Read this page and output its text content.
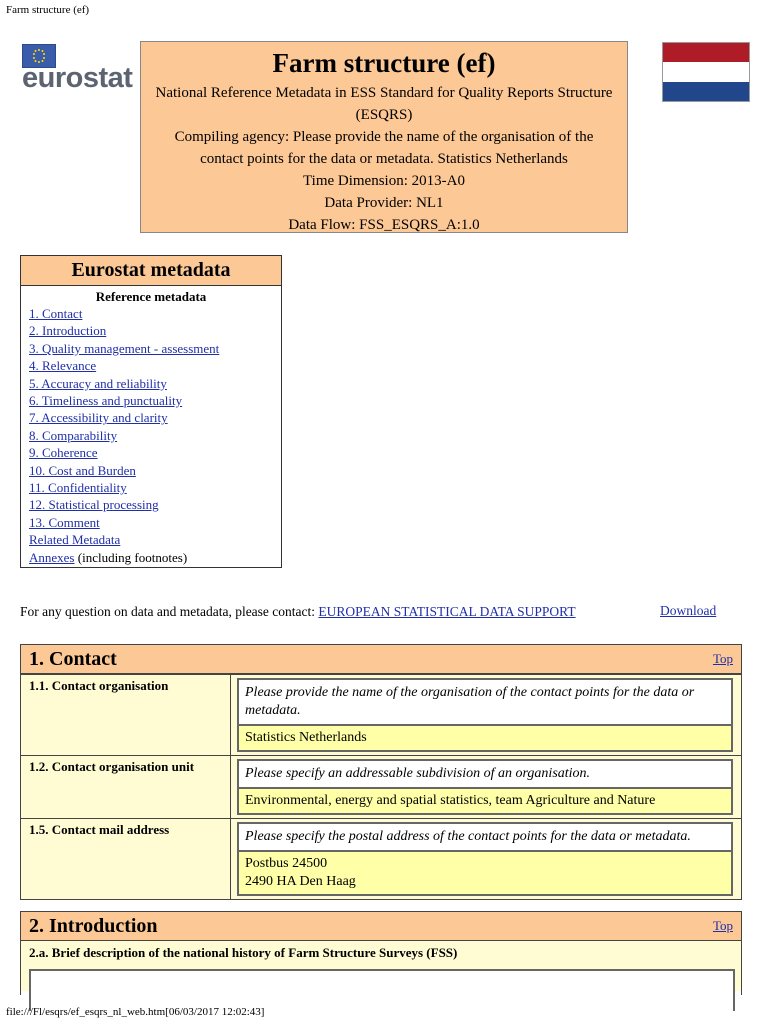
Farm structure (ef)
eurostat	Farm structure (ef)
National Reference Metadata in ESS Standard for Quality Reports Structure (ESQRS)
Compiling agency: Please provide the name of the organisation of the contact points for the data or metadata. Statistics Netherlands
Time Dimension: 2013-A0
Data Provider: NL1
Data Flow: FSS_ESQRS_A:1.0
Eurostat metadata
Reference metadata
1. Contact
2. Introduction
3. Quality management - assessment
4. Relevance
5. Accuracy and reliability
6. Timeliness and punctuality
7. Accessibility and clarity
8. Comparability
9. Coherence
10. Cost and Burden
11. Confidentiality
12. Statistical processing
13. Comment
Related Metadata
Annexes (including footnotes)
For any question on data and metadata, please contact: EUROPEAN STATISTICAL DATA SUPPORT	Download
1. Contact	Top
1.1. Contact organisation	Please provide the name of the organisation of the contact points for the data or metadata.
Statistics Netherlands
1.2. Contact organisation unit	Please specify an addressable subdivision of an organisation.
Environmental, energy and spatial statistics, team Agriculture and Nature
1.5. Contact mail address	Please specify the postal address of the contact points for the data or metadata.
Postbus 24500
2490 HA Den Haag
2. Introduction	Top
2.a. Brief description of the national history of Farm Structure Surveys (FSS)
file:///Fl/esqrs/ef_esqrs_nl_web.htm[06/03/2017 12:02:43]
